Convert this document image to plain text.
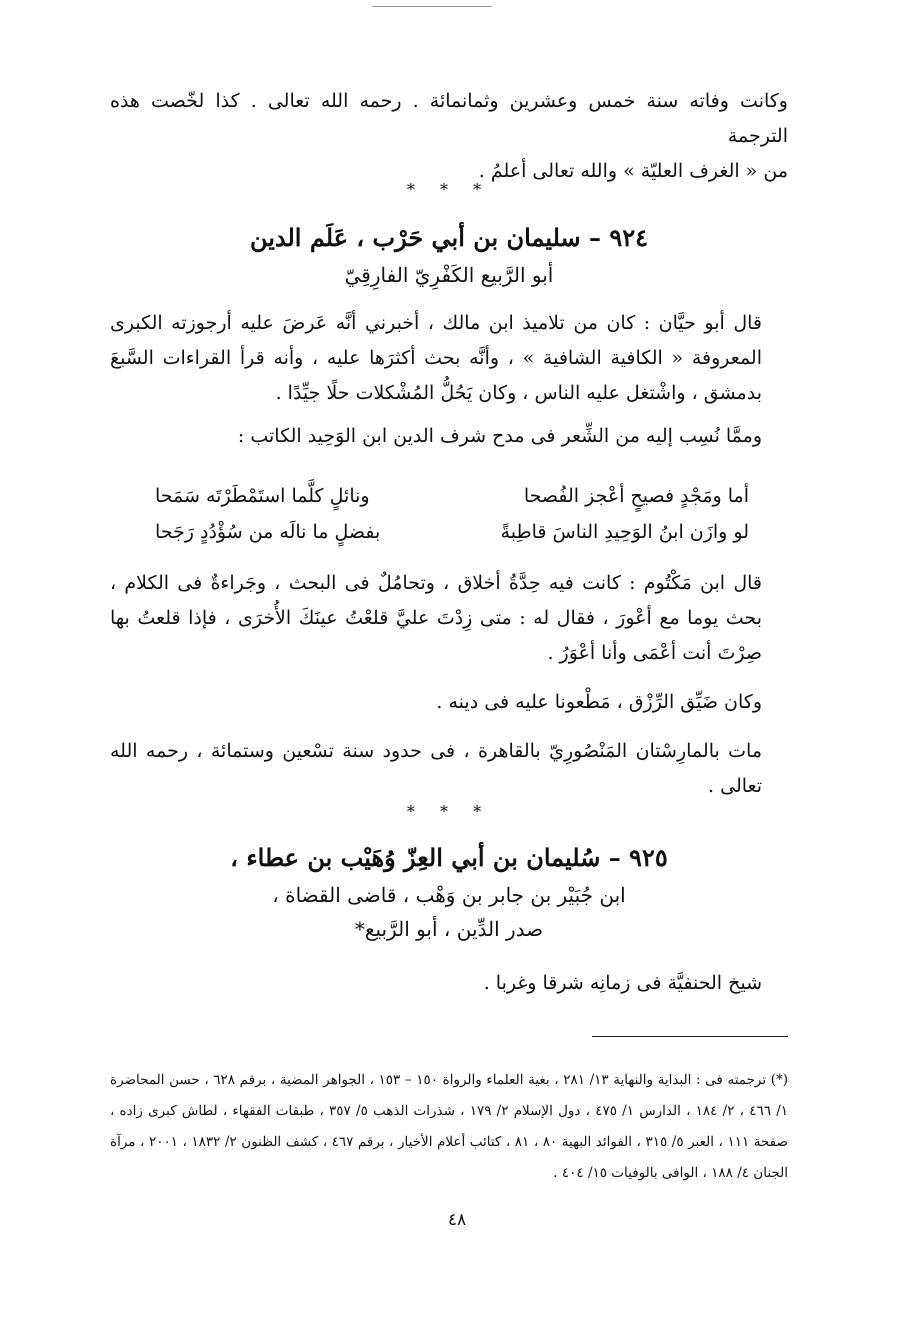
وكانت وفاته سنة خمس وعشرين وثمانمائة . رحمه الله تعالى . كذا لخّصت هذه الترجمة

من « الغرف العليّة » والله تعالى أعلمُ .

* * *
٩٢٤ – سليمان بن أبي حَرْب ، عَلَم الدين
أبو الرَّبيع الكَفْرِيّ الفارِقِيّ

قال أبو حيَّان : كان من تلاميذ ابن مالك ، أخبرني أنَّه عَرضَ عليه أرجوزته الكبرى المعروفة « الكافية الشافية » ، وأنَّه بحث أكثرَها عليه ، وأنه قرأ القراءات السَّبعَ بدمشق ، واشْتغل عليه الناس ، وكان يَحُلُّ المُشْكلات حلًا جيِّدًا .

وممَّا نُسِب إليه من الشِّعر فى مدح شرف الدين ابن الوَحِيد الكاتب :

أما ومَجْدٍ فصيحٍ أعْجز الفُصحا
ونائلٍ كلَّما استَمْطَرْتَه سَمَحا
لو وازَن ابنُ الوَحِيدِ الناسَ قاطِبةً
بفضلٍ ما نالَه من سُؤْدُدٍ رَجَحا

قال ابن مَكْتُوم : كانت فيه حِدَّةُ أخلاق ، وتحامُلٌ فى البحث ، وجَراءةٌ فى الكلام ، بحث يوما مع أعْورَ ، فقال له : متى زِدْتَ عليَّ قلعْتُ عينَكَ الأُخرَى ، فإذا قلعتُ بها صِرْتَ أنت أعْمَى وأنا أعْوَرُ .

وكان ضَيِّق الرِّزْق ، مَطْعونا عليه فى دينه .

مات بالمارِسْتان المَنْصُورِيّ بالقاهرة ، فى حدود سنة تسْعين وستمائة ، رحمه الله تعالى .

* * *
٩٢٥ – سُليمان بن أبي العِزّ وُهَيْب بن عطاء ،
ابن جُبَيْر بن جابر بن وَهْب ، قاضى القضاة ،
صدر الدِّين ، أبو الرَّبيع*

شيخ الحنفيَّة فى زمانِه شرقا وغربا .

(*) ترجمته فى : البداية والنهاية ١٣/ ٢٨١ ، بغية العلماء والرواة ١٥٠ – ١٥٣ ، الجواهر المضية ، برقم ٦٢٨ ، حسن المحاضرة ١/ ٤٦٦ ، ٢/ ١٨٤ ، الدارس ١/ ٤٧٥ ، دول الإسلام ٢/ ١٧٩ ، شذرات الذهب ٥/ ٣٥٧ ، طبقات الفقهاء ، لطاش كبرى زاده ، صفحة ١١١ ، العبر ٥/ ٣١٥ ، الفوائد البهية ٨٠ ، ٨١ ، كتائب أعلام الأخيار ، برقم ٤٦٧ ، كشف الظنون ٢/ ١٨٣٢ ، ٢٠٠١ ، مرآة الجنان ٤/ ١٨٨ ، الوافى بالوفيات ١٥/ ٤٠٤ .
٤٨
